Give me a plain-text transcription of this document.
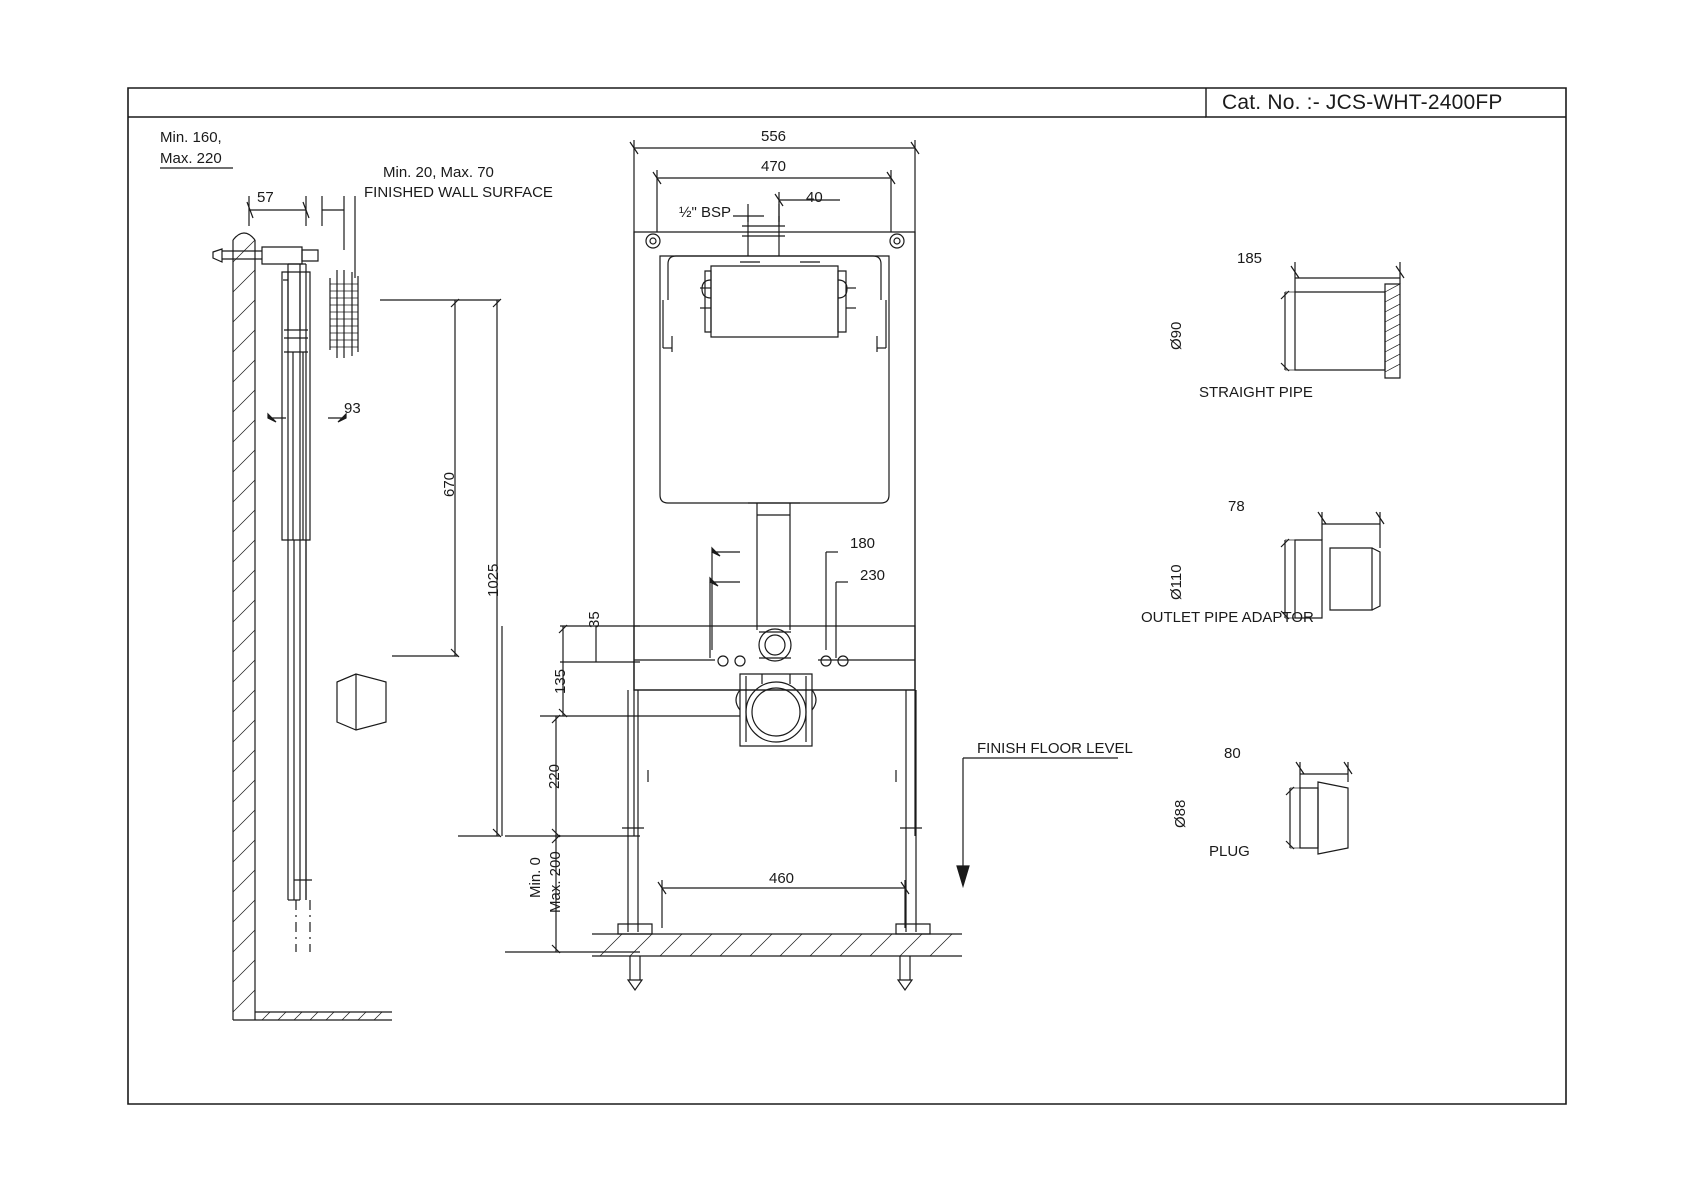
Cat. No. :- JCS-WHT-2400FP
Min. 160,
Max. 220
57
Min. 20, Max. 70
FINISHED WALL SURFACE
93
670
1025
556
470
40
½" BSP
180
230
35
135
220
Min. 0 Max. 200	460
FINISH FLOOR LEVEL
185
Ø90
STRAIGHT PIPE
78
Ø110
OUTLET PIPE ADAPTOR
80
Ø88
PLUG
